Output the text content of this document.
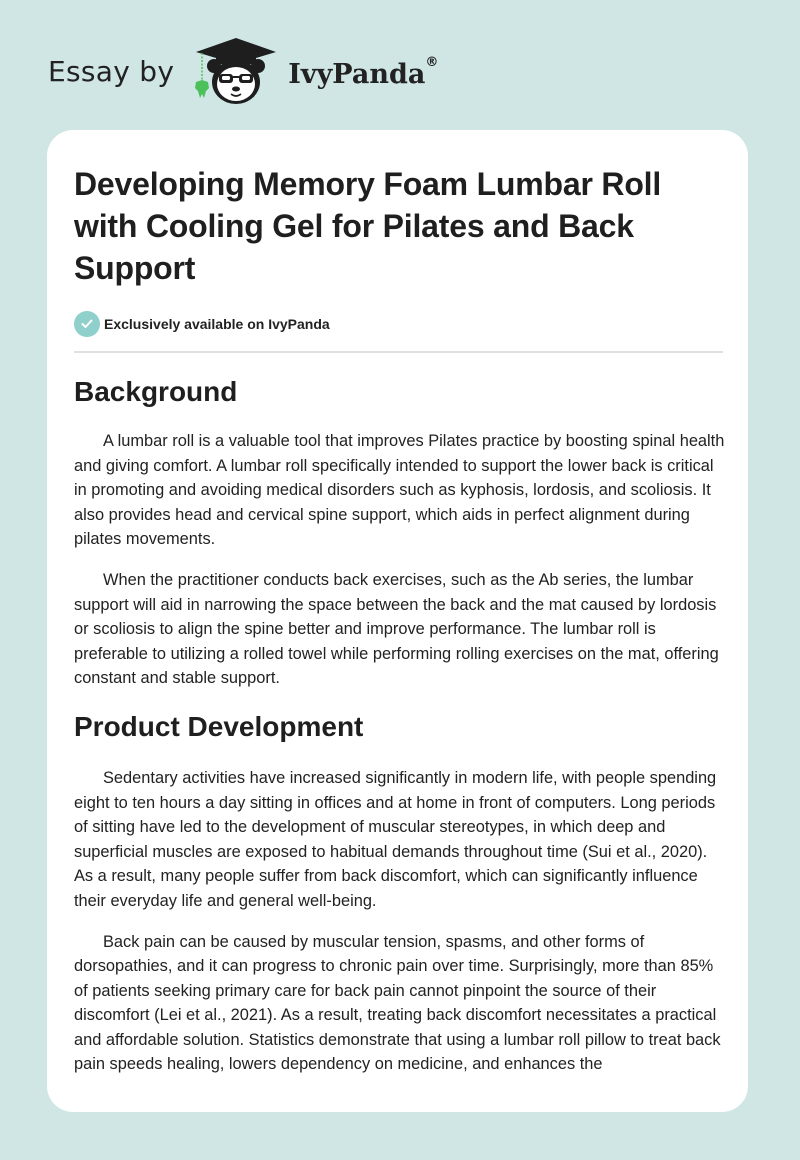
Essay by	IvyPanda®
Developing Memory Foam Lumbar Roll with Cooling Gel for Pilates and Back Support
Exclusively available on IvyPanda
Background

A lumbar roll is a valuable tool that improves Pilates practice by boosting spinal health and giving comfort. A lumbar roll specifically intended to support the lower back is critical in promoting and avoiding medical disorders such as kyphosis, lordosis, and scoliosis. It also provides head and cervical spine support, which aids in perfect alignment during pilates movements.

When the practitioner conducts back exercises, such as the Ab series, the lumbar support will aid in narrowing the space between the back and the mat caused by lordosis or scoliosis to align the spine better and improve performance. The lumbar roll is preferable to utilizing a rolled towel while performing rolling exercises on the mat, offering constant and stable support.

Product Development

Sedentary activities have increased significantly in modern life, with people spending eight to ten hours a day sitting in offices and at home in front of computers. Long periods of sitting have led to the development of muscular stereotypes, in which deep and superficial muscles are exposed to habitual demands throughout time (Sui et al., 2020). As a result, many people suffer from back discomfort, which can significantly influence their everyday life and general well-being.

Back pain can be caused by muscular tension, spasms, and other forms of dorsopathies, and it can progress to chronic pain over time. Surprisingly, more than 85% of patients seeking primary care for back pain cannot pinpoint the source of their discomfort (Lei et al., 2021). As a result, treating back discomfort necessitates a practical and affordable solution. Statistics demonstrate that using a lumbar roll pillow to treat back pain speeds healing, lowers dependency on medicine, and enhances the
